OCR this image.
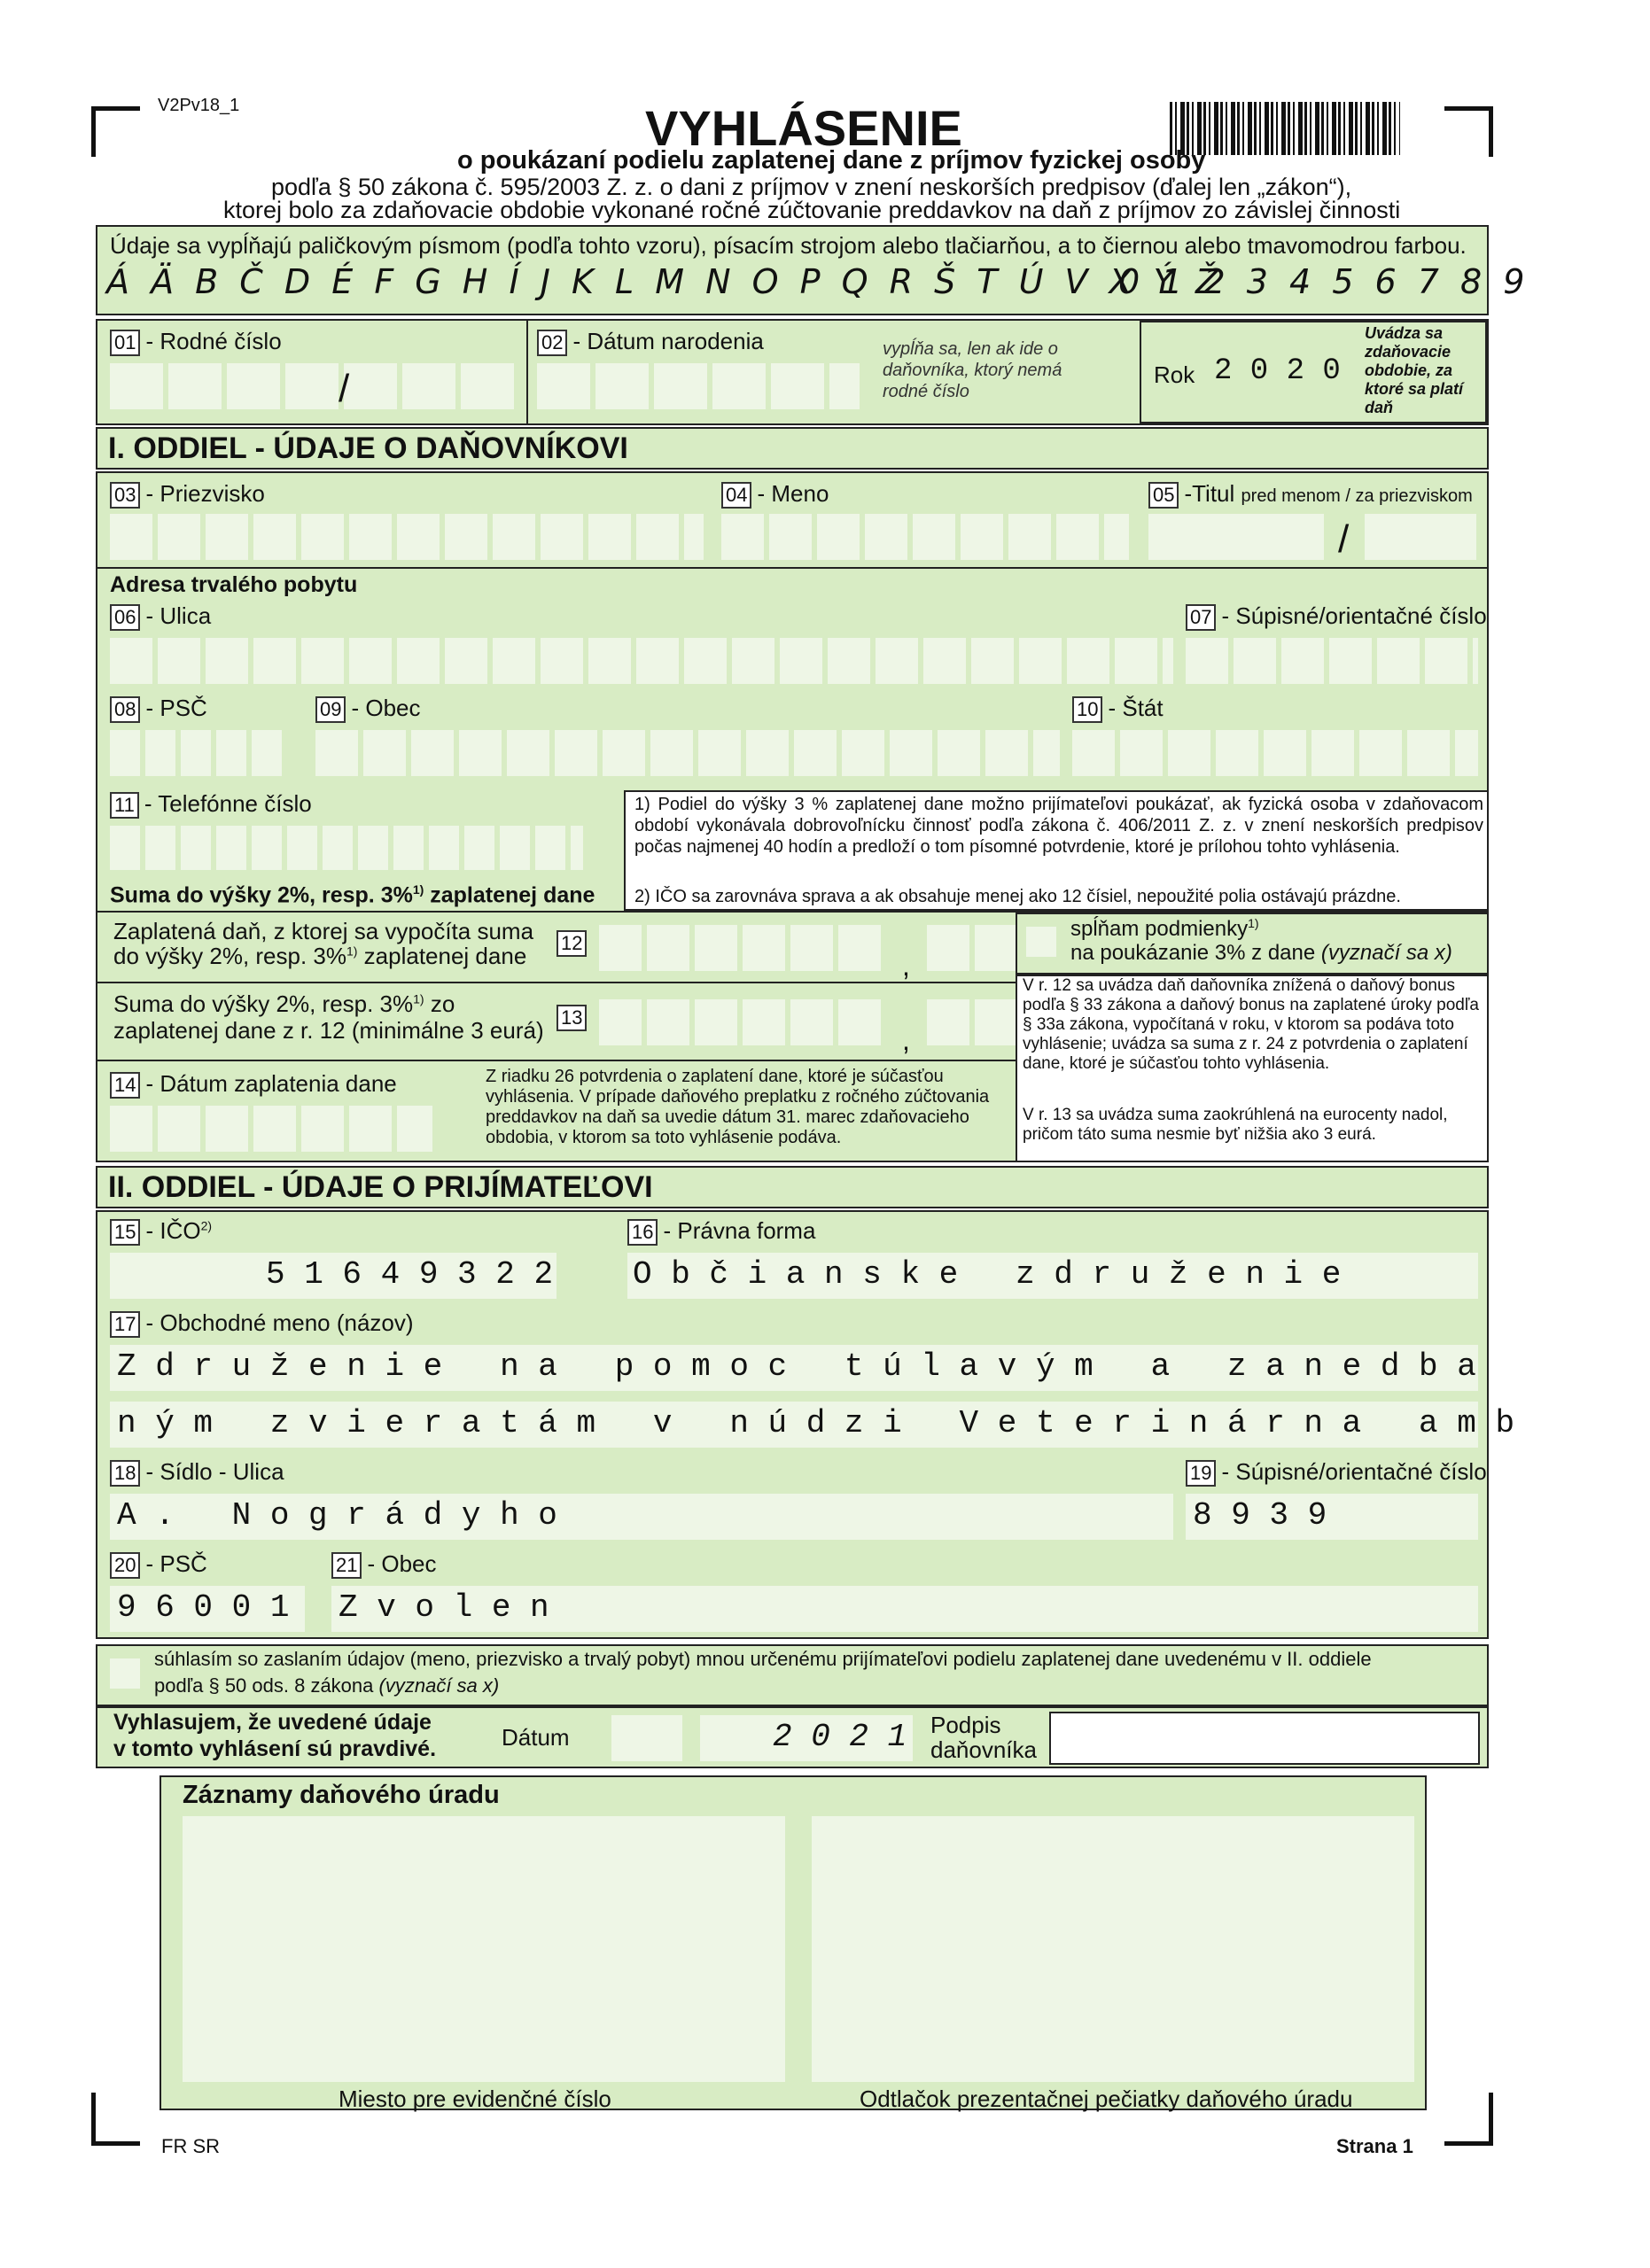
V2Pv18_1	VYHLÁSENIE
o poukázaní podielu zaplatenej dane z príjmov fyzickej osoby
podľa § 50 zákona č. 595/2003 Z. z. o dani z príjmov v znení neskorších predpisov (ďalej len „zákon“),
ktorej bolo za zdaňovacie obdobie vykonané ročné zúčtovanie preddavkov na daň z príjmov zo závislej činnosti
Údaje sa vypĺňajú paličkovým písmom (podľa tohto vzoru), písacím strojom alebo tlačiarňou, a to čiernou alebo tmavomodrou farbou.
Á Ä B Č D É F G H Í J K L M N O P Q R Š T Ú V X Ý Ž
0 1 2 3 4 5 6 7 8 9
01 - Rodné číslo
/
02 - Dátum narodenia	vypĺňa sa, len ak ide o daňovníka, ktorý nemá rodné číslo
Rok 2 0 2 0
Uvádza sa zdaňovacie obdobie, za ktoré sa platí daň
I. ODDIEL - ÚDAJE O DAŇOVNÍKOVI
03 - Priezvisko	04 - Meno	05 -Titul pred menom / za priezviskom
/
Adresa trvalého pobytu
06 - Ulica	07 - Súpisné/orientačné číslo
08 - PSČ	09 - Obec	10 - Štát
11 - Telefónne číslo	1) Podiel do výšky 3 % zaplatenej dane možno prijímateľovi poukázať, ak fyzická osoba v zdaňovacom období vykonávala dobrovoľnícku činnosť podľa zákona č. 406/2011 Z. z. v znení neskorších predpisov počas najmenej 40 hodín a predloží o tom písomné potvrdenie, ktoré je prílohou tohto vyhlásenia.
2) IČO sa zarovnáva sprava a ak obsahuje menej ako 12 čísiel, nepoužité polia ostávajú prázdne.
Suma do výšky 2%, resp. 3%$^{1)}$ zaplatenej dane
Zaplatená daň, z ktorej sa vypočíta suma
do výšky 2%, resp. 3%$^{1)}$ zaplatenej dane 12
,
spĺňam podmienky$^{1)}$
na poukázanie 3% z dane (vyznačí sa x)
Suma do výšky 2%, resp. 3%$^{1)}$ zo
zaplatenej dane z r. 12 (minimálne 3 eurá) 13
,
V r. 12 sa uvádza daň daňovníka znížená o daňový bonus podľa § 33 zákona a daňový bonus na zaplatené úroky podľa § 33a zákona, vypočítaná v roku, v ktorom sa podáva toto vyhlásenie; uvádza sa suma z r. 24 z potvrdenia o zaplatení dane, ktoré je súčasťou tohto vyhlásenia.
V r. 13 sa uvádza suma zaokrúhlená na eurocenty nadol, pričom táto suma nesmie byť nižšia ako 3 eurá.
14 - Dátum zaplatenia dane	Z riadku 26 potvrdenia o zaplatení dane, ktoré je súčasťou vyhlásenia. V prípade daňového preplatku z ročného zúčtovania preddavkov na daň sa uvedie dátum 31. marec zdaňovacieho obdobia, v ktorom sa toto vyhlásenie podáva.
II. ODDIEL - ÚDAJE O PRIJÍMATEĽOVI
15 - IČO$^{2)}$
5 1 6 4 9 3 2 2
16 - Právna forma
O b č i a n s k e   z d r u ž e n i e
17 - Obchodné meno (názov)
Z d r u ž e n i e   n a   p o m o c   t ú l a v ý m   a   z a n e d b a
n ý m   z v i e r a t á m   v   n ú d z i   V e t e r i n á r n a   a m b
18 - Sídlo - Ulica
A .   N o g r á d y h o
19 - Súpisné/orientačné číslo
8 9 3 9
20 - PSČ
9 6 0 0 1
21 - Obec
Z v o l e n
súhlasím so zaslaním údajov (meno, priezvisko a trvalý pobyt) mnou určenému prijímateľovi podielu zaplatenej dane uvedenému v II. oddiele
podľa § 50 ods. 8 zákona (vyznačí sa x)
Vyhlasujem, že uvedené údaje
v tomto vyhlásení sú pravdivé.	Dátum	2 0 2 1 Podpis
daňovníka
Záznamy daňového úradu
Miesto pre evidenčné číslo	Odtlačok prezentačnej pečiatky daňového úradu
FR SR	Strana 1
